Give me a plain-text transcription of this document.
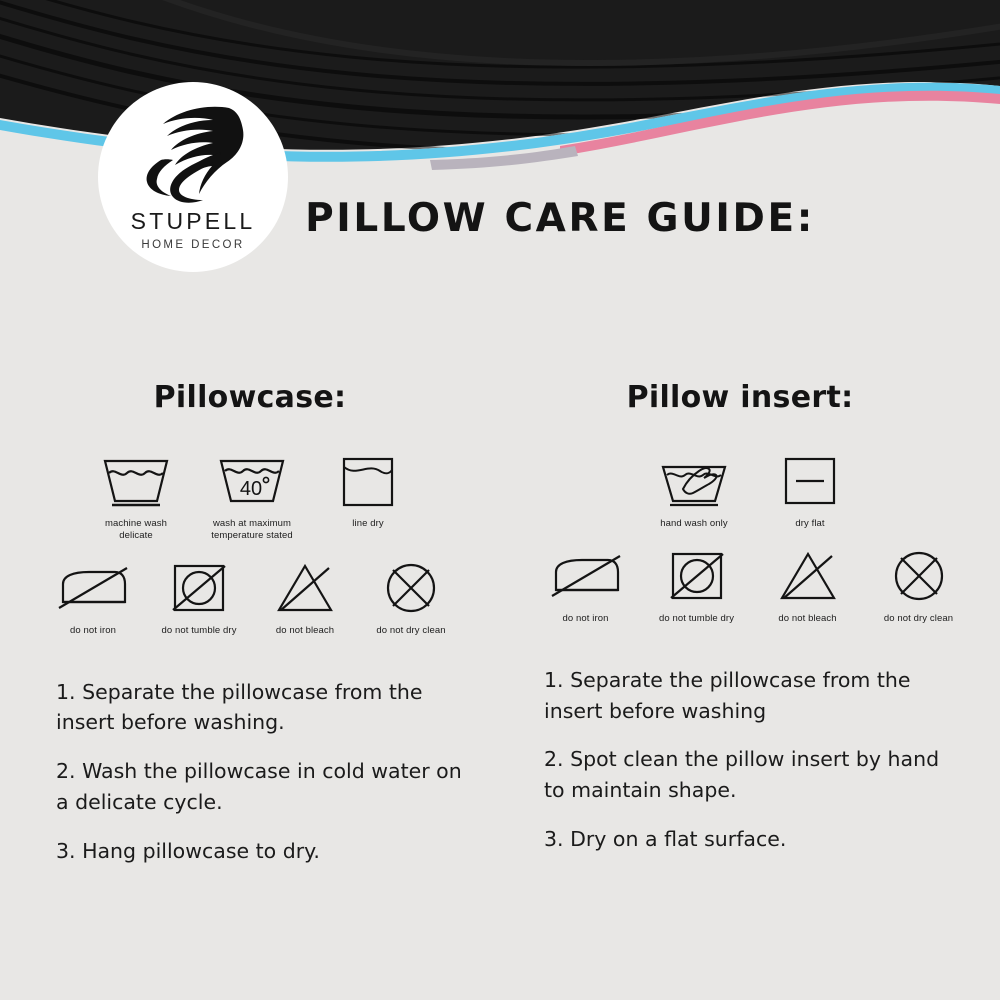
STUPELL
HOME DECOR
PILLOW CARE GUIDE:
Pillowcase:
machine wash
delicate
40
wash at maximum
temperature stated
line dry
do not iron	do not tumble dry	do not bleach	do not dry clean

1. Separate the pillowcase from the insert before washing.

2. Wash the pillowcase in cold water on a delicate cycle.

3. Hang pillowcase to dry.

Pillow insert:
hand wash only	dry flat
do not iron	do not tumble dry	do not bleach	do not dry clean

1. Separate the pillowcase from the insert before washing

2. Spot clean the pillow insert by hand to maintain shape.

3. Dry on a flat surface.
